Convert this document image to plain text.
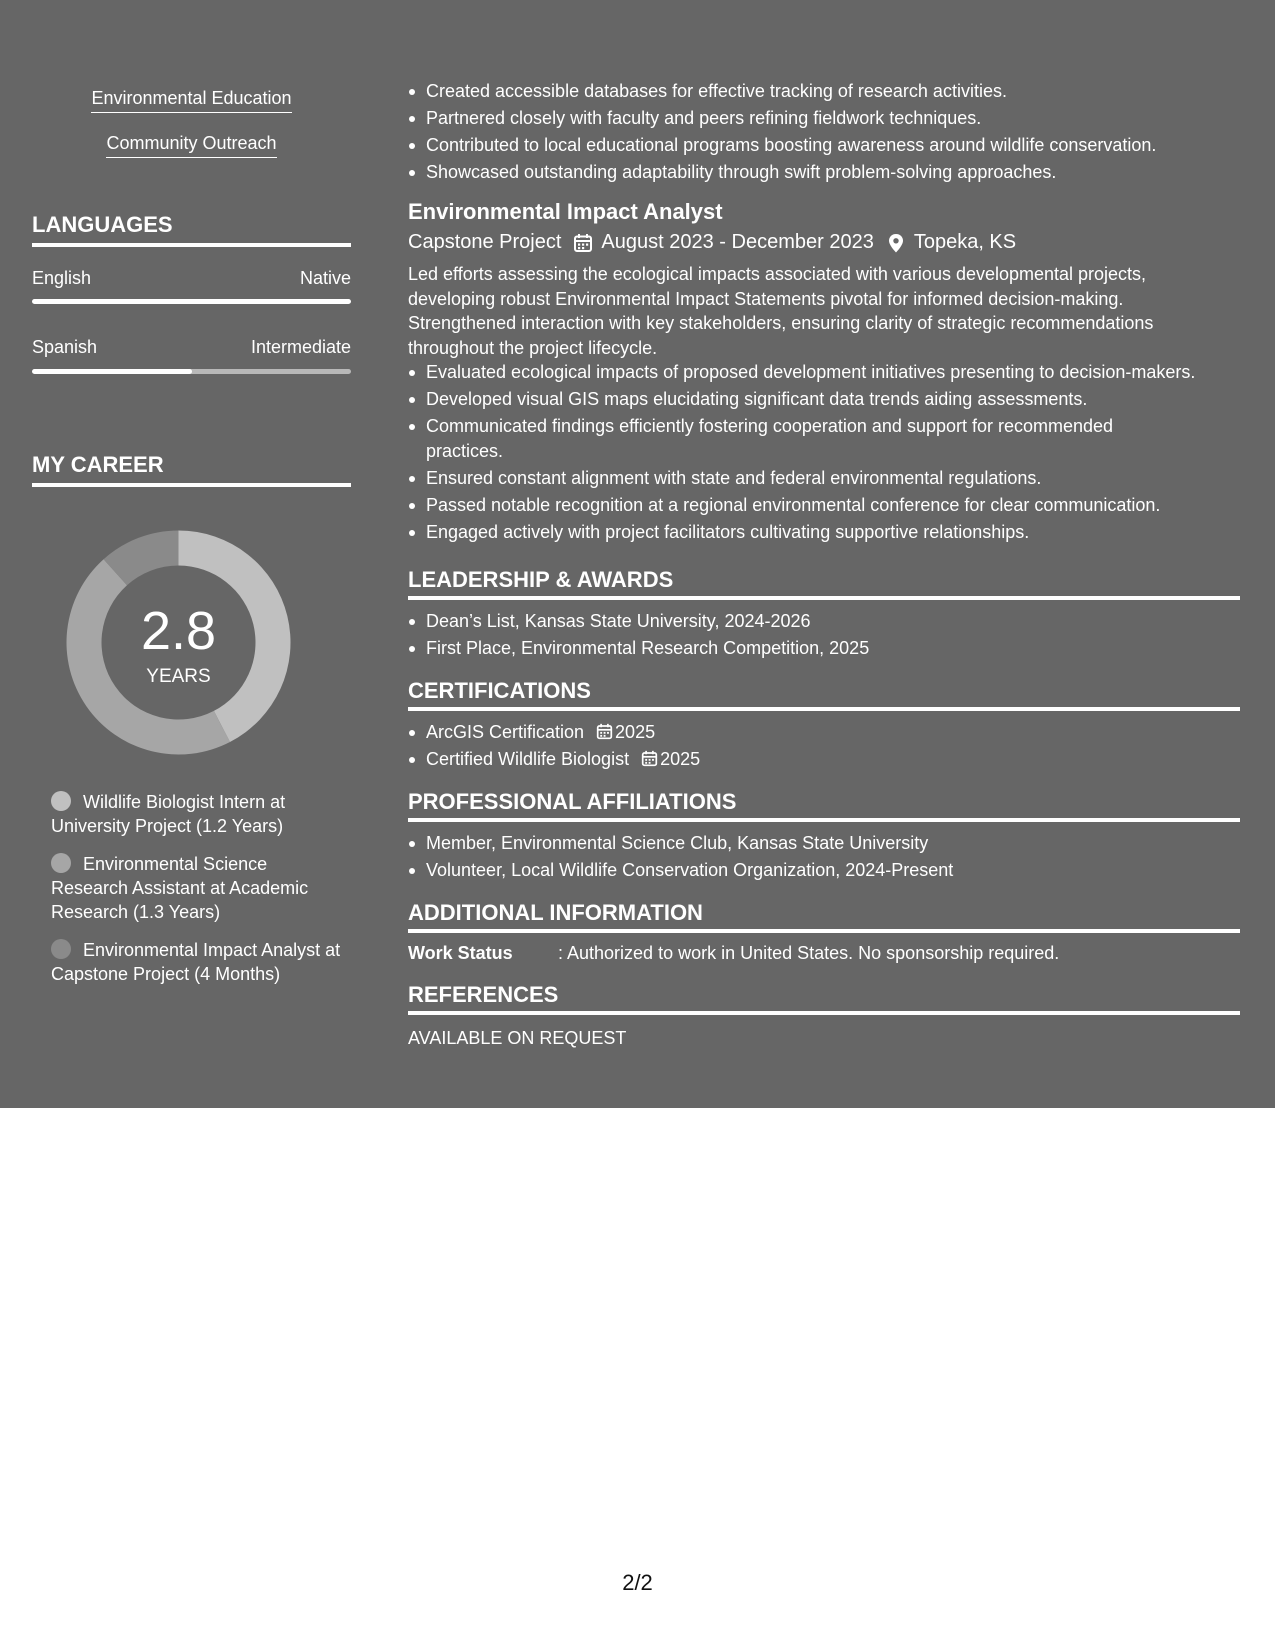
Environmental Education
Community Outreach
LANGUAGES
English	Native
Spanish	Intermediate
MY CAREER
2.8
YEARS
Wildlife Biologist Intern at University Project (1.2 Years)
Environmental Science Research Assistant at Academic Research (1.3 Years)
Environmental Impact Analyst at Capstone Project (4 Months)
Created accessible databases for effective tracking of research activities.
Partnered closely with faculty and peers refining fieldwork techniques.
Contributed to local educational programs boosting awareness around wildlife conservation.
Showcased outstanding adaptability through swift problem-solving approaches.
Environmental Impact Analyst
Capstone Project August 2023 - December 2023 Topeka, KS
Led efforts assessing the ecological impacts associated with various developmental projects, developing robust Environmental Impact Statements pivotal for informed decision-making. Strengthened interaction with key stakeholders, ensuring clarity of strategic recommendations throughout the project lifecycle.
Evaluated ecological impacts of proposed development initiatives presenting to decision-makers.
Developed visual GIS maps elucidating significant data trends aiding assessments.
Communicated findings efficiently fostering cooperation and support for recommended practices.
Ensured constant alignment with state and federal environmental regulations.
Passed notable recognition at a regional environmental conference for clear communication.
Engaged actively with project facilitators cultivating supportive relationships.
LEADERSHIP & AWARDS
Dean’s List, Kansas State University, 2024-2026
First Place, Environmental Research Competition, 2025
CERTIFICATIONS
ArcGIS Certification 2025
Certified Wildlife Biologist 2025
PROFESSIONAL AFFILIATIONS
Member, Environmental Science Club, Kansas State University
Volunteer, Local Wildlife Conservation Organization, 2024-Present
ADDITIONAL INFORMATION
Work Status	: Authorized to work in United States. No sponsorship required.
REFERENCES
AVAILABLE ON REQUEST
2/2
